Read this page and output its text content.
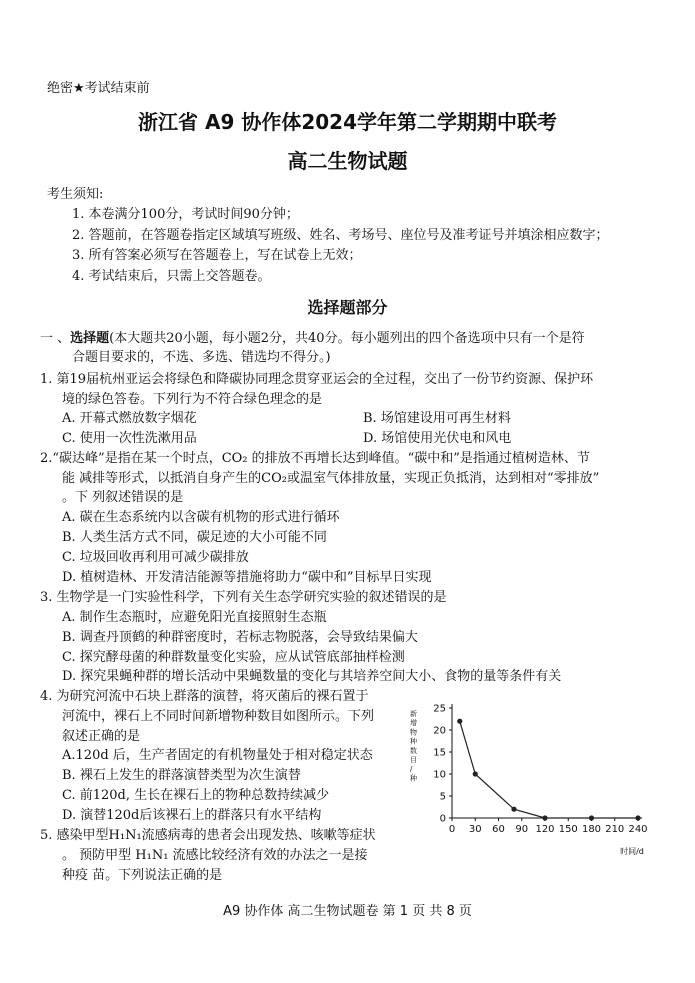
绝密★考试结束前
浙江省 A9 协作体2024学年第二学期期中联考
高二生物试题
考生须知:
1. 本卷满分100分，考试时间90分钟；
2. 答题前，在答题卷指定区域填写班级、姓名、考场号、座位号及准考证号并填涂相应数字；
3. 所有答案必须写在答题卷上，写在试卷上无效；
4. 考试结束后，只需上交答题卷。
选择题部分
一 、选择题(本大题共20小题，每小题2分，共40分。每小题列出的四个备选项中只有一个是符
合题目要求的，不选、多选、错选均不得分。)
1. 第19届杭州亚运会将绿色和降碳协同理念贯穿亚运会的全过程，交出了一份节约资源、保护环
境的绿色答卷。下列行为不符合绿色理念的是
A. 开幕式燃放数字烟花	B. 场馆建设用可再生材料
C. 使用一次性洗漱用品	D. 场馆使用光伏电和风电
2.“碳达峰”是指在某一个时点，CO₂ 的排放不再增长达到峰值。“碳中和”是指通过植树造林、节
能 减排等形式，以抵消自身产生的CO₂或温室气体排放量，实现正负抵消，达到相对“零排放”
。下 列叙述错误的是
A. 碳在生态系统内以含碳有机物的形式进行循环
B. 人类生活方式不同，碳足迹的大小可能不同
C. 垃圾回收再利用可减少碳排放
D. 植树造林、开发清洁能源等措施将助力“碳中和”目标早日实现
3. 生物学是一门实验性科学，下列有关生态学研究实验的叙述错误的是
A. 制作生态瓶时，应避免阳光直接照射生态瓶
B. 调查丹顶鹤的种群密度时，若标志物脱落，会导致结果偏大
C. 探究酵母菌的种群数量变化实验，应从试管底部抽样检测
D. 探究果蝇种群的增长活动中果蝇数量的变化与其培养空间大小、食物的量等条件有关
4. 为研究河流中石块上群落的演替，将灭菌后的裸石置于
河流中，裸石上不同时间新增物种数目如图所示。下列
叙述正确的是
A.120d 后，生产者固定的有机物量处于相对稳定状态
B. 裸石上发生的群落演替类型为次生演替
C. 前120d, 生长在裸石上的物种总数持续减少
D. 演替120d后该裸石上的群落只有水平结构
5. 感染甲型H₁N₁流感病毒的患者会出现发热、咳嗽等症状
。 预防甲型 H₁N₁ 流感比较经济有效的办法之一是接
种疫 苗。下列说法正确的是
0
5
10
15
20
25
0 30 60 90 120 150 180 210 240
新增物种数目/种
时间/d
A9 协作体 高二生物试题卷 第 1 页 共 8 页
